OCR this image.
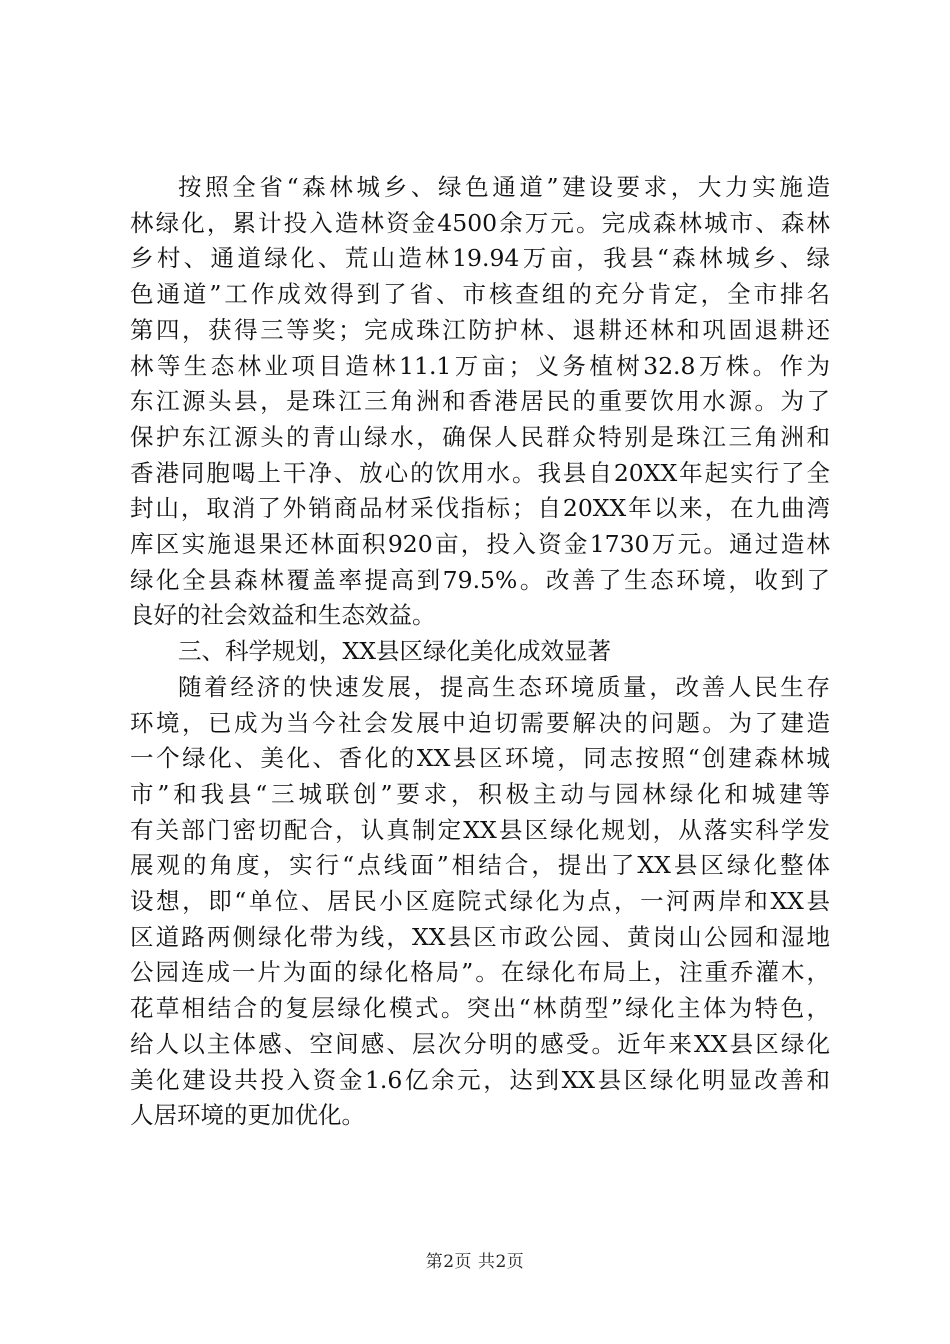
按照全省“森林城乡、绿色通道”建设要求，大力实施造
林绿化，累计投入造林资金4500余万元。完成森林城市、森林
乡村、通道绿化、荒山造林19.94万亩，我县“森林城乡、绿
色通道”工作成效得到了省、市核查组的充分肯定，全市排名
第四，获得三等奖；完成珠江防护林、退耕还林和巩固退耕还
林等生态林业项目造林11.1万亩；义务植树32.8万株。作为
东江源头县，是珠江三角洲和香港居民的重要饮用水源。为了
保护东江源头的青山绿水，确保人民群众特别是珠江三角洲和
香港同胞喝上干净、放心的饮用水。我县自20XX年起实行了全
封山，取消了外销商品材采伐指标；自20XX年以来，在九曲湾
库区实施退果还林面积920亩，投入资金1730万元。通过造林
绿化全县森林覆盖率提高到79.5%。改善了生态环境，收到了
良好的社会效益和生态效益。
三、科学规划，XX县区绿化美化成效显著
随着经济的快速发展，提高生态环境质量，改善人民生存
环境，已成为当今社会发展中迫切需要解决的问题。为了建造
一个绿化、美化、香化的XX县区环境，同志按照“创建森林城
市”和我县“三城联创”要求，积极主动与园林绿化和城建等
有关部门密切配合，认真制定XX县区绿化规划，从落实科学发
展观的角度，实行“点线面”相结合，提出了XX县区绿化整体
设想，即“单位、居民小区庭院式绿化为点，一河两岸和XX县
区道路两侧绿化带为线，XX县区市政公园、黄岗山公园和湿地
公园连成一片为面的绿化格局”。在绿化布局上，注重乔灌木，
花草相结合的复层绿化模式。突出“林荫型”绿化主体为特色，
给人以主体感、空间感、层次分明的感受。近年来XX县区绿化
美化建设共投入资金1.6亿余元，达到XX县区绿化明显改善和
人居环境的更加优化。
第2页 共2页
